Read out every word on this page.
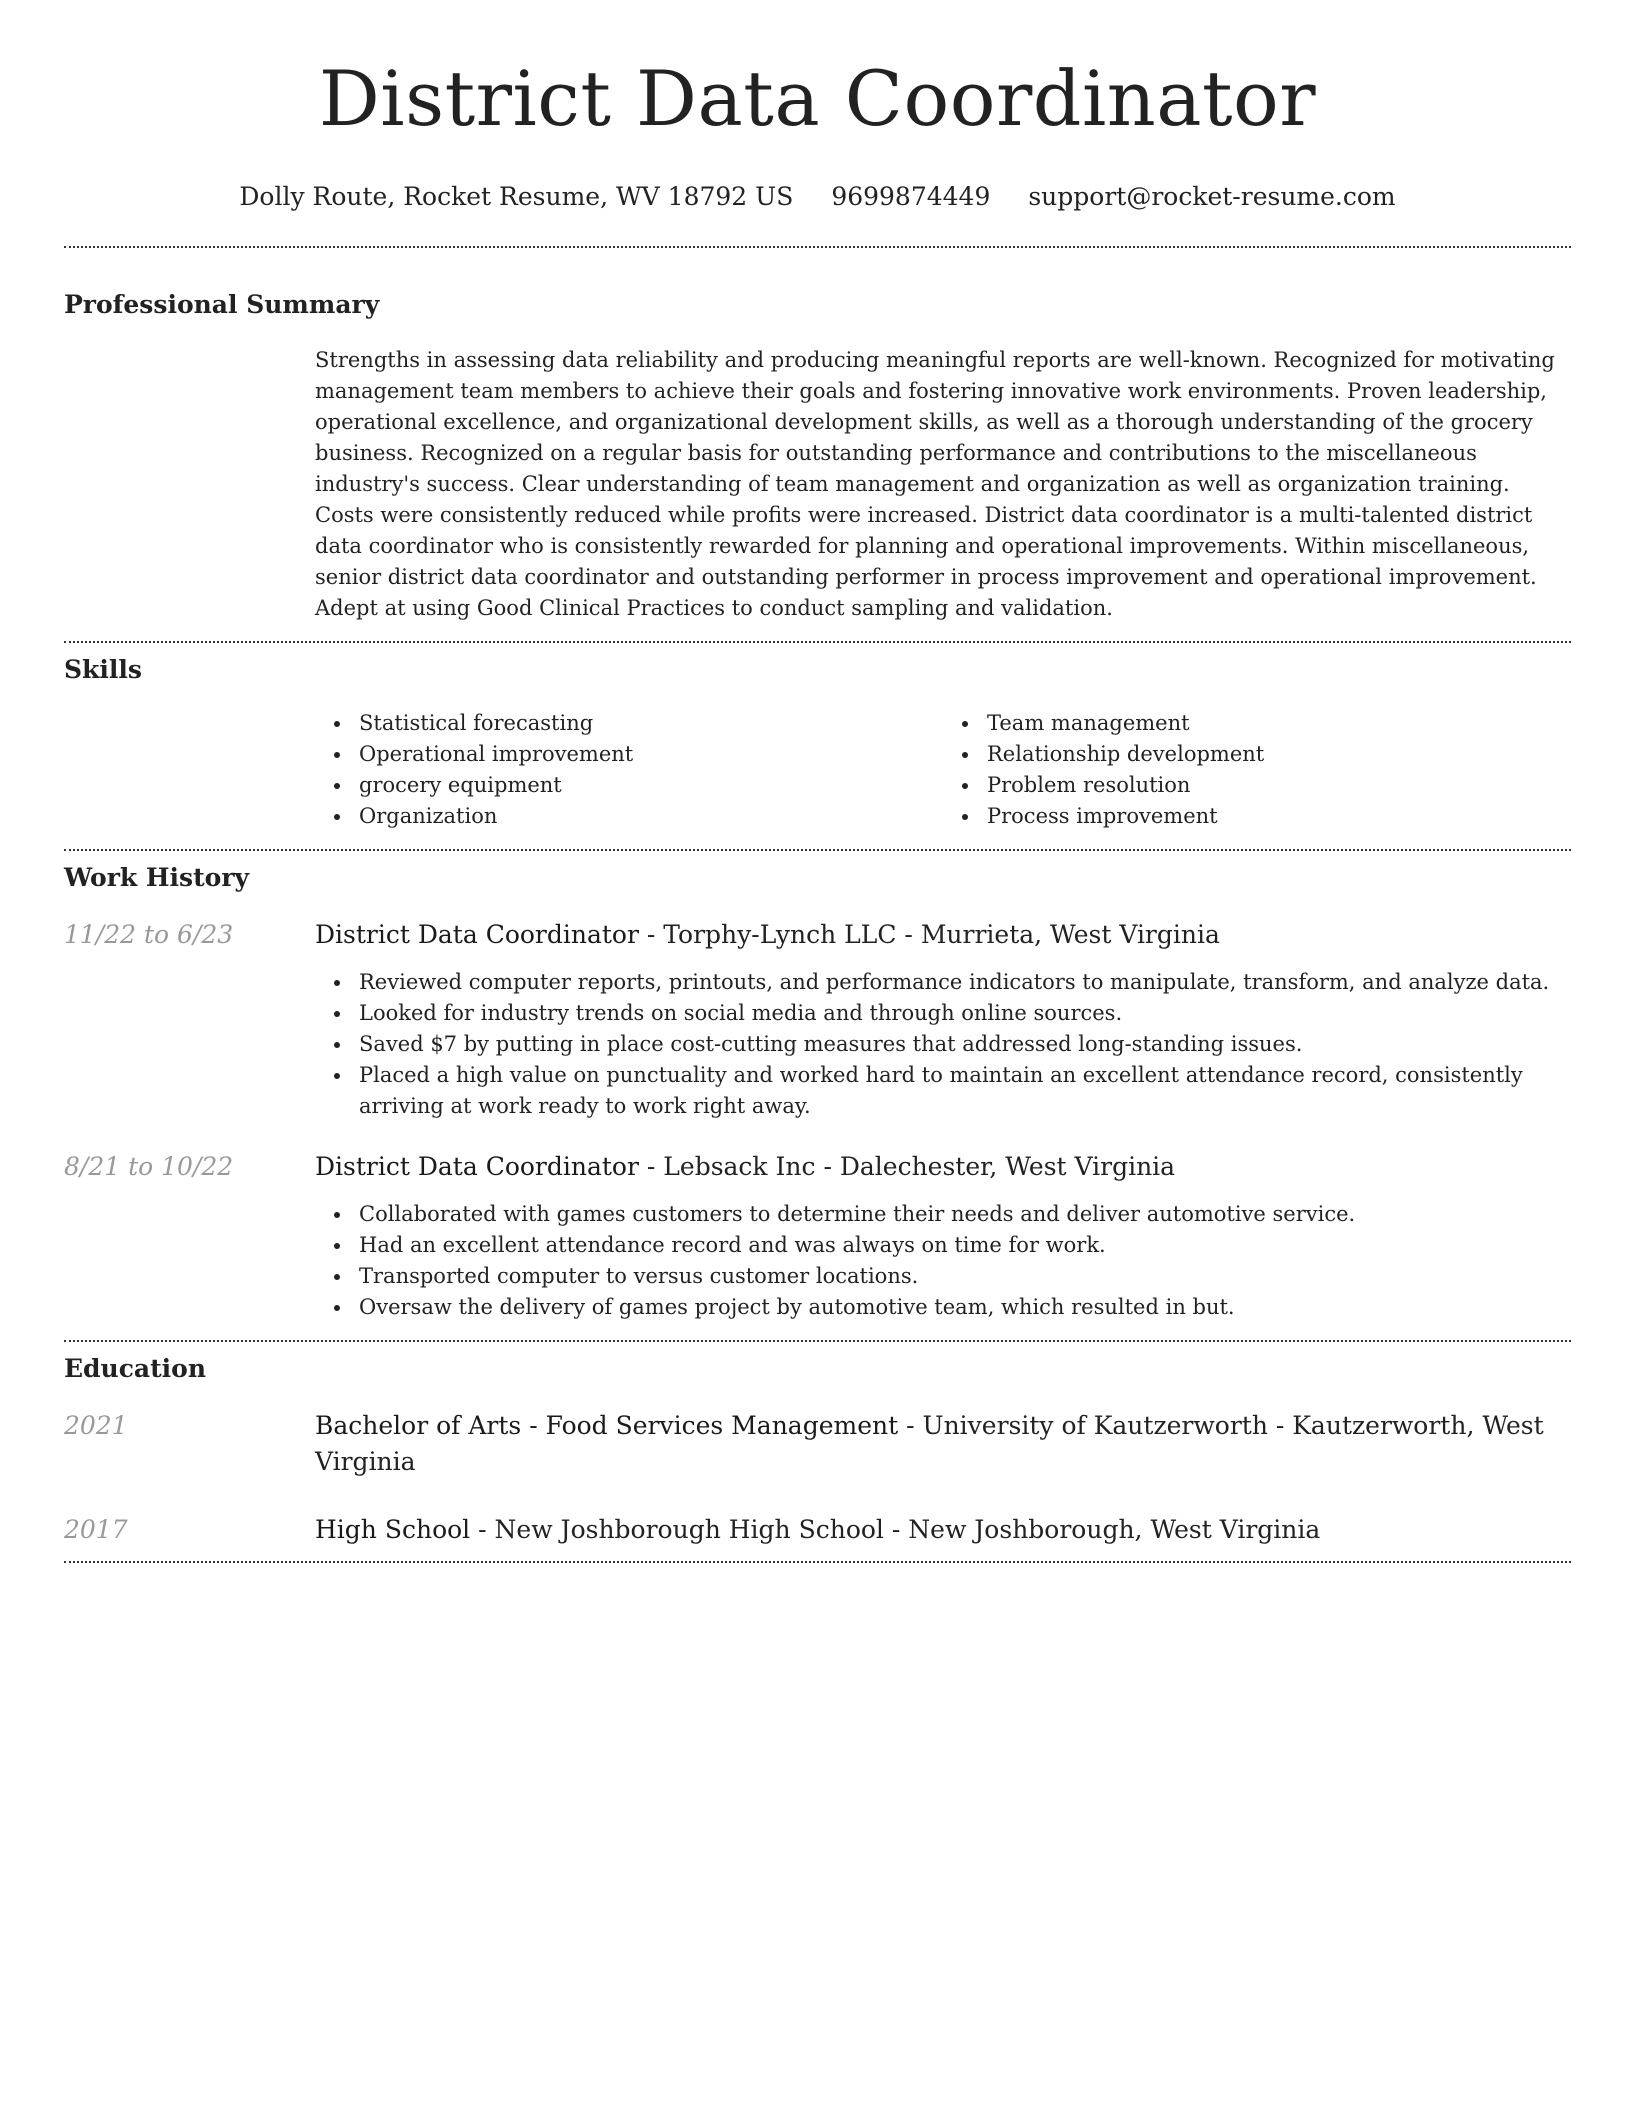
District Data Coordinator
Dolly Route, Rocket Resume, WV 18792 US 9699874449 support@rocket-resume.com
Professional Summary
Strengths in assessing data reliability and producing meaningful reports are well-known. Recognized for motivating management team members to achieve their goals and fostering innovative work environments. Proven leadership, operational excellence, and organizational development skills, as well as a thorough understanding of the grocery business. Recognized on a regular basis for outstanding performance and contributions to the miscellaneous industry's success. Clear understanding of team management and organization as well as organization training. Costs were consistently reduced while profits were increased. District data coordinator is a multi-talented district data coordinator who is consistently rewarded for planning and operational improvements. Within miscellaneous, senior district data coordinator and outstanding performer in process improvement and operational improvement. Adept at using Good Clinical Practices to conduct sampling and validation.
Skills
Statistical forecasting
Operational improvement
grocery equipment
Organization
Team management
Relationship development
Problem resolution
Process improvement
Work History
11/22 to 6/23	District Data Coordinator - Torphy-Lynch LLC - Murrieta, West Virginia
Reviewed computer reports, printouts, and performance indicators to manipulate, transform, and analyze data.
Looked for industry trends on social media and through online sources.
Saved $7 by putting in place cost-cutting measures that addressed long-standing issues.
Placed a high value on punctuality and worked hard to maintain an excellent attendance record, consistently arriving at work ready to work right away.
8/21 to 10/22	District Data Coordinator - Lebsack Inc - Dalechester, West Virginia
Collaborated with games customers to determine their needs and deliver automotive service.
Had an excellent attendance record and was always on time for work.
Transported computer to versus customer locations.
Oversaw the delivery of games project by automotive team, which resulted in but.
Education
2021	Bachelor of Arts - Food Services Management - University of Kautzerworth - Kautzerworth, West Virginia
2017	High School - New Joshborough High School - New Joshborough, West Virginia
